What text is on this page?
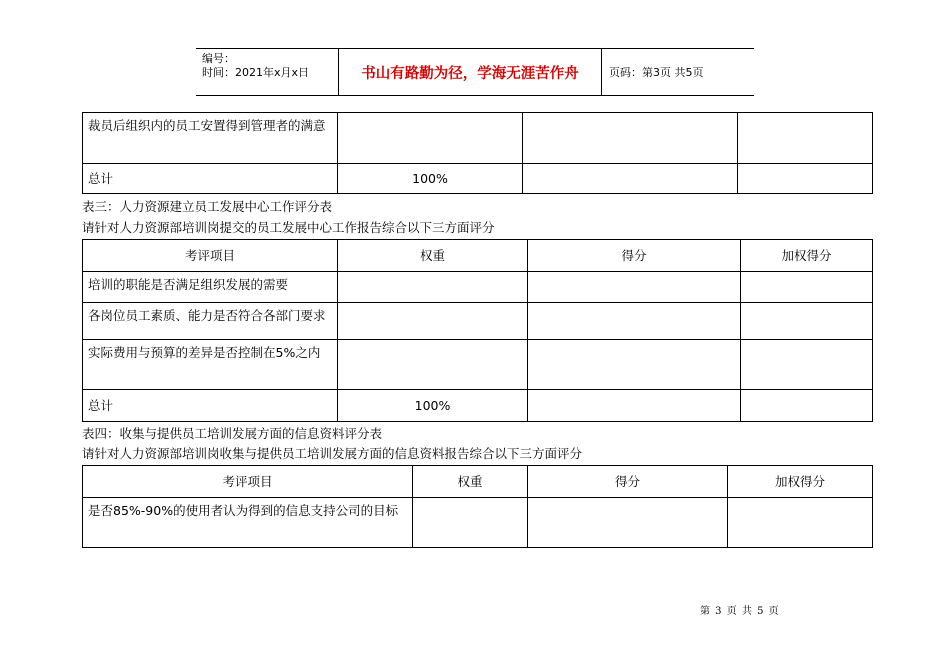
编号：
时间：2021年x月x日	书山有路勤为径，学海无涯苦作舟	页码：第3页 共5页
裁员后组织内的员工安置得到管理者的满意			
总计	100%		
表三：人力资源建立员工发展中心工作评分表
请针对人力资源部培训岗提交的员工发展中心工作报告综合以下三方面评分
考评项目	权重	得分	加权得分
培训的职能是否满足组织发展的需要			
各岗位员工素质、能力是否符合各部门要求			
实际费用与预算的差异是否控制在5%之内			
总计	100%		
表四：收集与提供员工培训发展方面的信息资料评分表
请针对人力资源部培训岗收集与提供员工培训发展方面的信息资料报告综合以下三方面评分
考评项目	权重	得分	加权得分
是否85%-90%的使用者认为得到的信息支持公司的目标			
第 3 页 共 5 页
